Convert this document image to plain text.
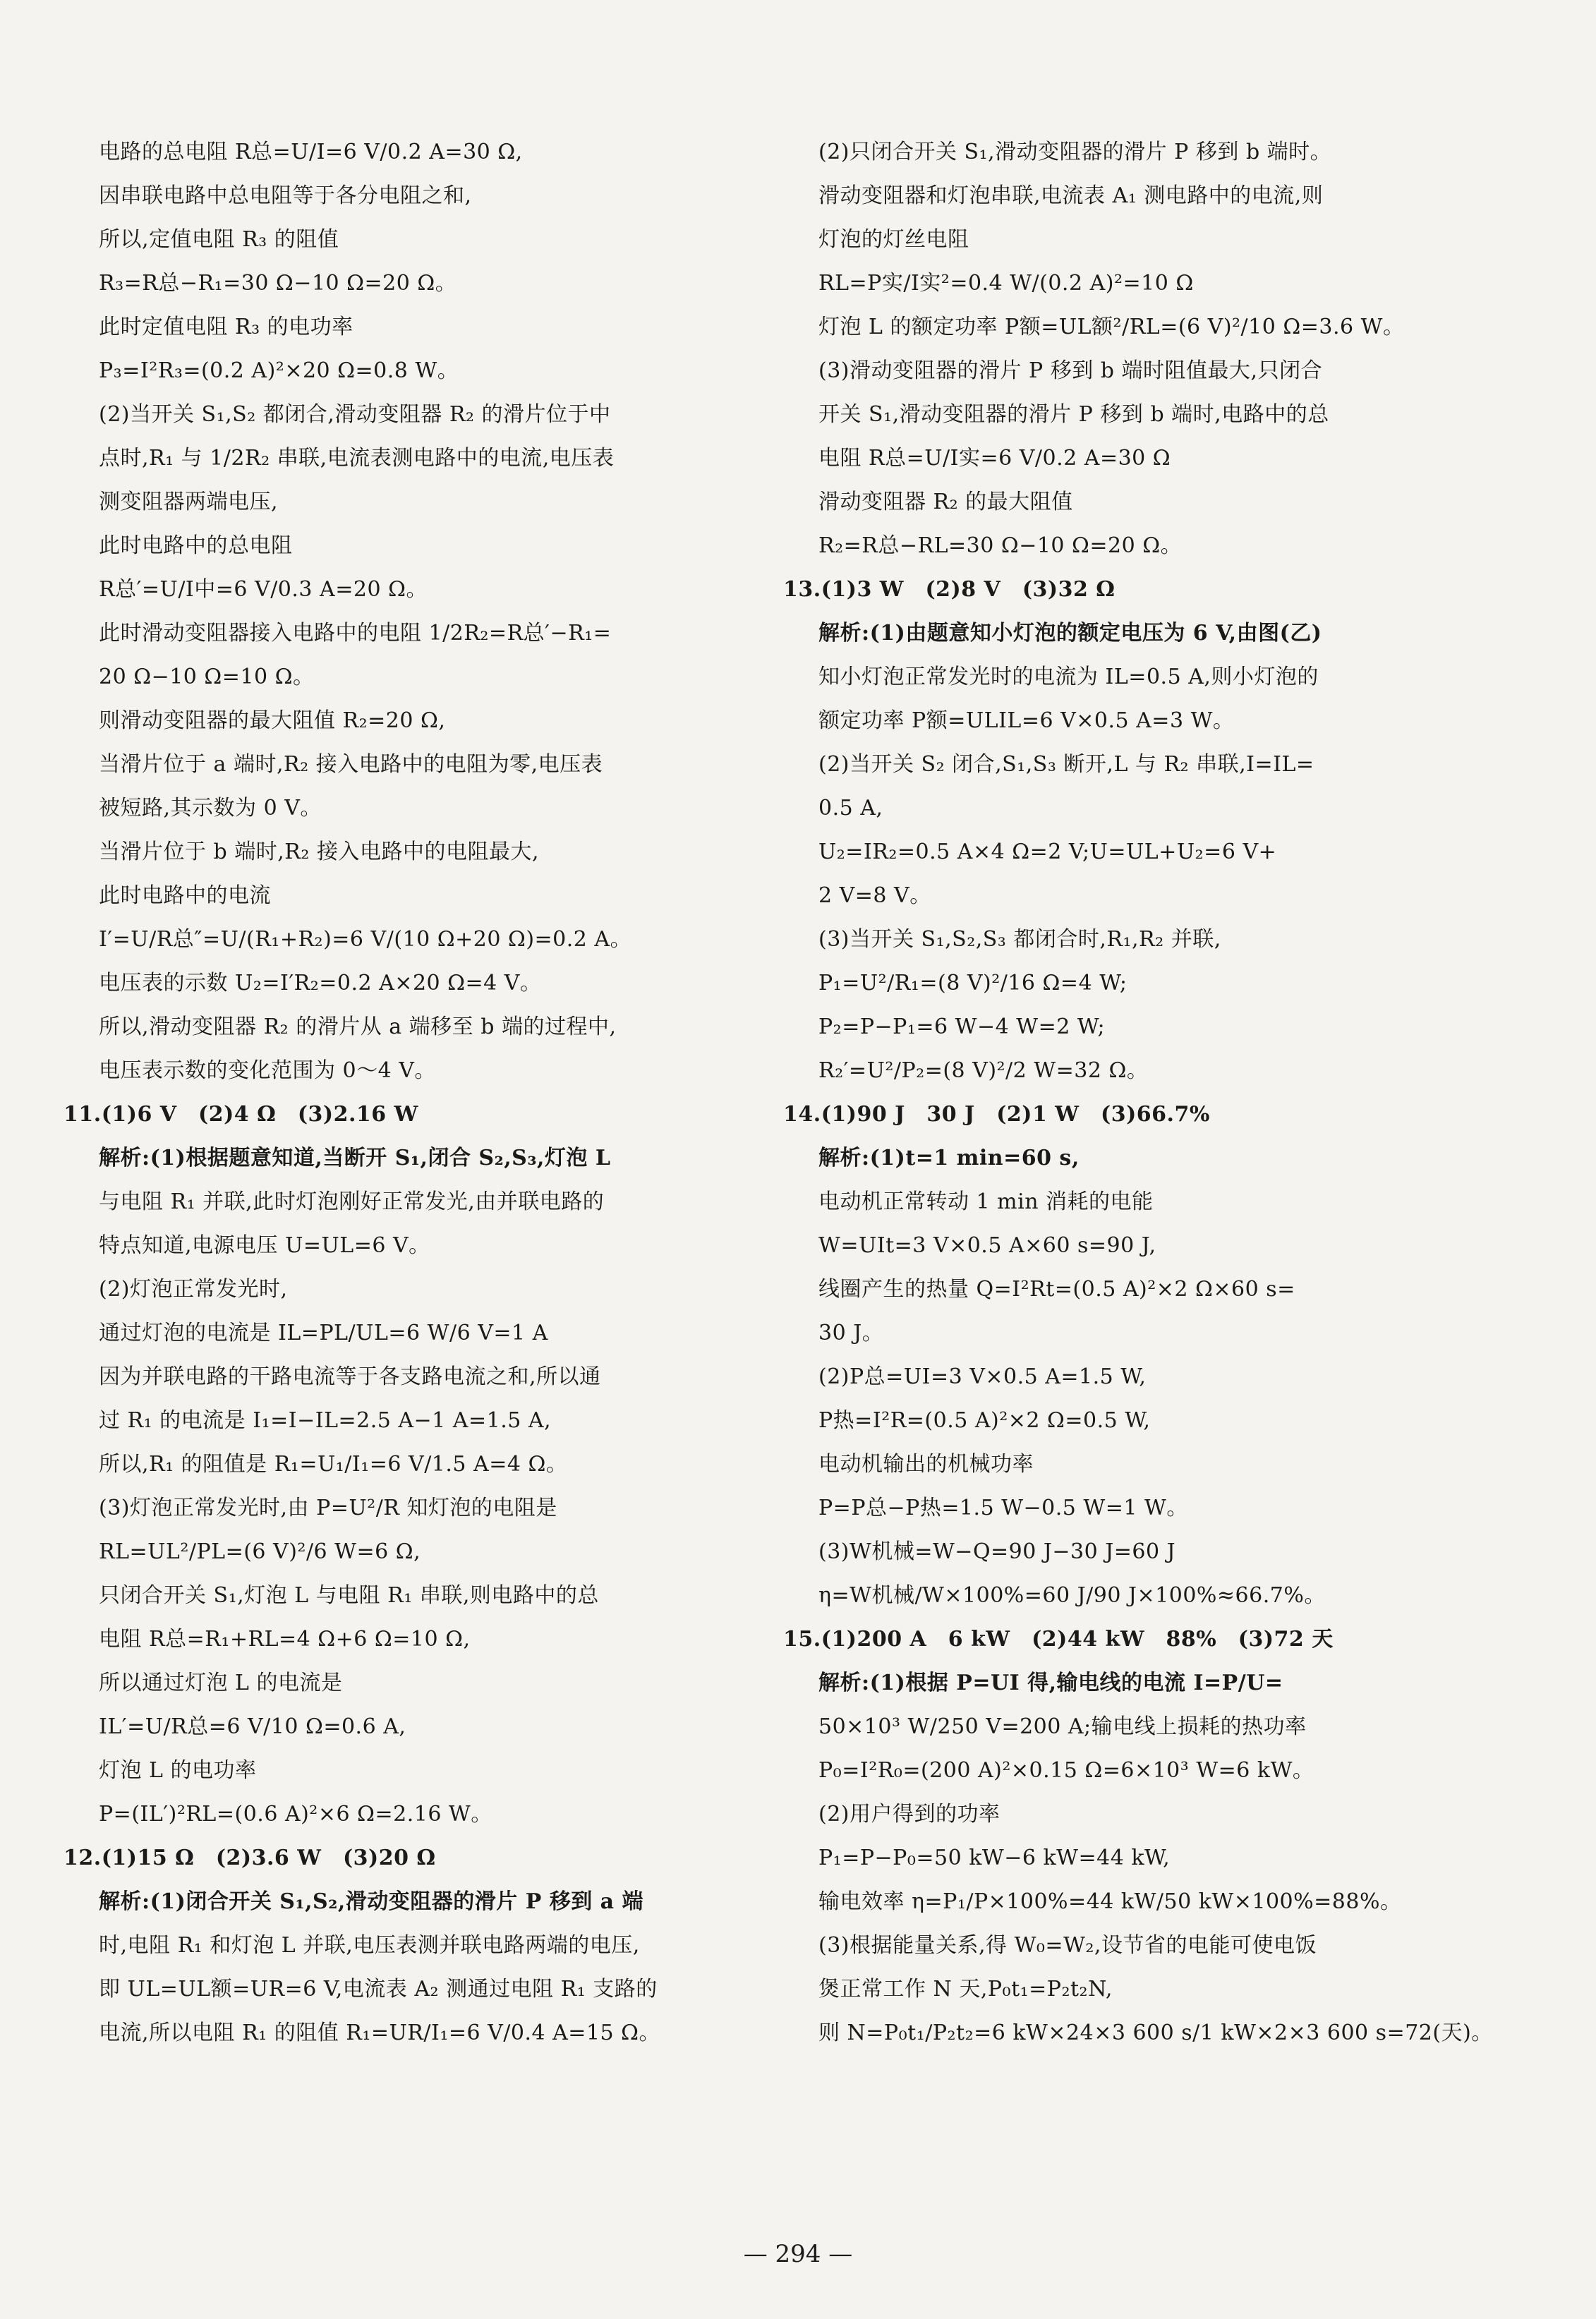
电路的总电阻 R总=U/I=6 V/0.2 A=30 Ω,
因串联电路中总电阻等于各分电阻之和,
所以,定值电阻 R₃ 的阻值
R₃=R总−R₁=30 Ω−10 Ω=20 Ω。
此时定值电阻 R₃ 的电功率
P₃=I²R₃=(0.2 A)²×20 Ω=0.8 W。
(2)当开关 S₁,S₂ 都闭合,滑动变阻器 R₂ 的滑片位于中
点时,R₁ 与 1/2R₂ 串联,电流表测电路中的电流,电压表
测变阻器两端电压,
此时电路中的总电阻
R总′=U/I中=6 V/0.3 A=20 Ω。
此时滑动变阻器接入电路中的电阻 1/2R₂=R总′−R₁=
20 Ω−10 Ω=10 Ω。
则滑动变阻器的最大阻值 R₂=20 Ω,
当滑片位于 a 端时,R₂ 接入电路中的电阻为零,电压表
被短路,其示数为 0 V。
当滑片位于 b 端时,R₂ 接入电路中的电阻最大,
此时电路中的电流
I′=U/R总″=U/(R₁+R₂)=6 V/(10 Ω+20 Ω)=0.2 A。
电压表的示数 U₂=I′R₂=0.2 A×20 Ω=4 V。
所以,滑动变阻器 R₂ 的滑片从 a 端移至 b 端的过程中,
电压表示数的变化范围为 0～4 V。
11.(1)6 V　(2)4 Ω　(3)2.16 W
解析:(1)根据题意知道,当断开 S₁,闭合 S₂,S₃,灯泡 L
与电阻 R₁ 并联,此时灯泡刚好正常发光,由并联电路的
特点知道,电源电压 U=UL=6 V。
(2)灯泡正常发光时,
通过灯泡的电流是 IL=PL/UL=6 W/6 V=1 A
因为并联电路的干路电流等于各支路电流之和,所以通
过 R₁ 的电流是 I₁=I−IL=2.5 A−1 A=1.5 A,
所以,R₁ 的阻值是 R₁=U₁/I₁=6 V/1.5 A=4 Ω。
(3)灯泡正常发光时,由 P=U²/R 知灯泡的电阻是
RL=UL²/PL=(6 V)²/6 W=6 Ω,
只闭合开关 S₁,灯泡 L 与电阻 R₁ 串联,则电路中的总
电阻 R总=R₁+RL=4 Ω+6 Ω=10 Ω,
所以通过灯泡 L 的电流是
IL′=U/R总=6 V/10 Ω=0.6 A,
灯泡 L 的电功率
P=(IL′)²RL=(0.6 A)²×6 Ω=2.16 W。
12.(1)15 Ω　(2)3.6 W　(3)20 Ω
解析:(1)闭合开关 S₁,S₂,滑动变阻器的滑片 P 移到 a 端
时,电阻 R₁ 和灯泡 L 并联,电压表测并联电路两端的电压,
即 UL=UL额=UR=6 V,电流表 A₂ 测通过电阻 R₁ 支路的
电流,所以电阻 R₁ 的阻值 R₁=UR/I₁=6 V/0.4 A=15 Ω。
(2)只闭合开关 S₁,滑动变阻器的滑片 P 移到 b 端时。
滑动变阻器和灯泡串联,电流表 A₁ 测电路中的电流,则
灯泡的灯丝电阻
RL=P实/I实²=0.4 W/(0.2 A)²=10 Ω
灯泡 L 的额定功率 P额=UL额²/RL=(6 V)²/10 Ω=3.6 W。
(3)滑动变阻器的滑片 P 移到 b 端时阻值最大,只闭合
开关 S₁,滑动变阻器的滑片 P 移到 b 端时,电路中的总
电阻 R总=U/I实=6 V/0.2 A=30 Ω
滑动变阻器 R₂ 的最大阻值
R₂=R总−RL=30 Ω−10 Ω=20 Ω。
13.(1)3 W　(2)8 V　(3)32 Ω
解析:(1)由题意知小灯泡的额定电压为 6 V,由图(乙)
知小灯泡正常发光时的电流为 IL=0.5 A,则小灯泡的
额定功率 P额=ULIL=6 V×0.5 A=3 W。
(2)当开关 S₂ 闭合,S₁,S₃ 断开,L 与 R₂ 串联,I=IL=
0.5 A,
U₂=IR₂=0.5 A×4 Ω=2 V;U=UL+U₂=6 V+
2 V=8 V。
(3)当开关 S₁,S₂,S₃ 都闭合时,R₁,R₂ 并联,
P₁=U²/R₁=(8 V)²/16 Ω=4 W;
P₂=P−P₁=6 W−4 W=2 W;
R₂′=U²/P₂=(8 V)²/2 W=32 Ω。
14.(1)90 J　30 J　(2)1 W　(3)66.7%
解析:(1)t=1 min=60 s,
电动机正常转动 1 min 消耗的电能
W=UIt=3 V×0.5 A×60 s=90 J,
线圈产生的热量 Q=I²Rt=(0.5 A)²×2 Ω×60 s=
30 J。
(2)P总=UI=3 V×0.5 A=1.5 W,
P热=I²R=(0.5 A)²×2 Ω=0.5 W,
电动机输出的机械功率
P=P总−P热=1.5 W−0.5 W=1 W。
(3)W机械=W−Q=90 J−30 J=60 J
η=W机械/W×100%=60 J/90 J×100%≈66.7%。
15.(1)200 A　6 kW　(2)44 kW　88%　(3)72 天
解析:(1)根据 P=UI 得,输电线的电流 I=P/U=
50×10³ W/250 V=200 A;输电线上损耗的热功率
P₀=I²R₀=(200 A)²×0.15 Ω=6×10³ W=6 kW。
(2)用户得到的功率
P₁=P−P₀=50 kW−6 kW=44 kW,
输电效率 η=P₁/P×100%=44 kW/50 kW×100%=88%。
(3)根据能量关系,得 W₀=W₂,设节省的电能可使电饭
煲正常工作 N 天,P₀t₁=P₂t₂N,
则 N=P₀t₁/P₂t₂=6 kW×24×3 600 s/1 kW×2×3 600 s=72(天)。
— 294 —
